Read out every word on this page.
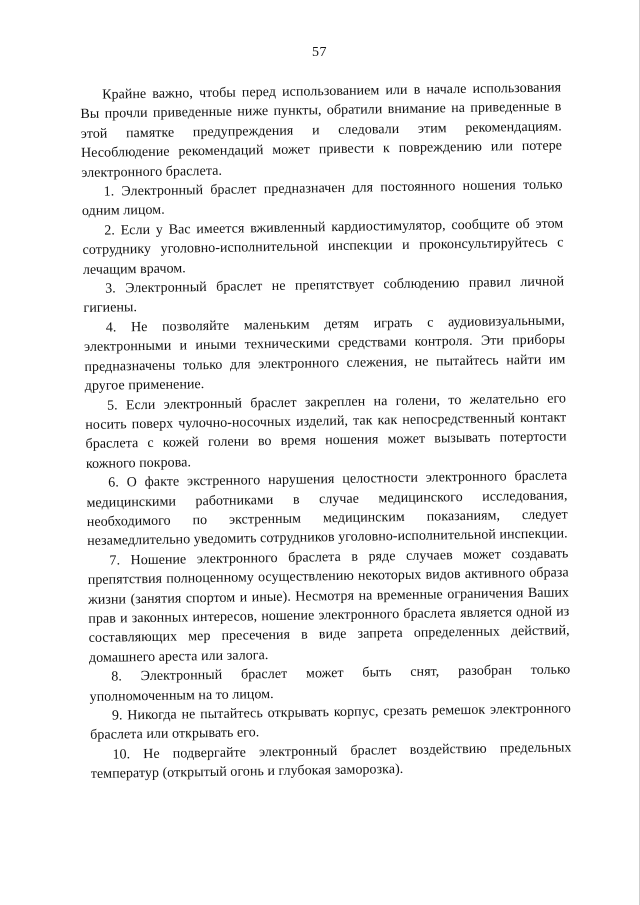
57

Крайне важно, чтобы перед использованием или в начале использования Вы прочли приведенные ниже пункты, обратили внимание на приведенные в этой памятке предупреждения и следовали этим рекомендациям. Несоблюдение рекомендаций может привести к повреждению или потере электронного браслета.

1. Электронный браслет предназначен для постоянного ношения только одним лицом.

2. Если у Вас имеется вживленный кардиостимулятор, сообщите об этом сотруднику уголовно-исполнительной инспекции и проконсультируйтесь с лечащим врачом.

3. Электронный браслет не препятствует соблюдению правил личной гигиены.

4. Не позволяйте маленьким детям играть с аудиовизуальными, электронными и иными техническими средствами контроля. Эти приборы предназначены только для электронного слежения, не пытайтесь найти им другое применение.

5. Если электронный браслет закреплен на голени, то желательно его носить поверх чулочно-носочных изделий, так как непосредственный контакт браслета с кожей голени во время ношения может вызывать потертости кожного покрова.

6. О факте экстренного нарушения целостности электронного браслета медицинскими работниками в случае медицинского исследования, необходимого по экстренным медицинским показаниям, следует незамедлительно уведомить сотрудников уголовно-исполнительной инспекции.

7. Ношение электронного браслета в ряде случаев может создавать препятствия полноценному осуществлению некоторых видов активного образа жизни (занятия спортом и иные). Несмотря на временные ограничения Ваших прав и законных интересов, ношение электронного браслета является одной из составляющих мер пресечения в виде запрета определенных действий, домашнего ареста или залога.

8. Электронный браслет может быть снят, разобран только уполномоченным на то лицом.

9. Никогда не пытайтесь открывать корпус, срезать ремешок электронного браслета или открывать его.

10. Не подвергайте электронный браслет воздействию предельных температур (открытый огонь и глубокая заморозка).
